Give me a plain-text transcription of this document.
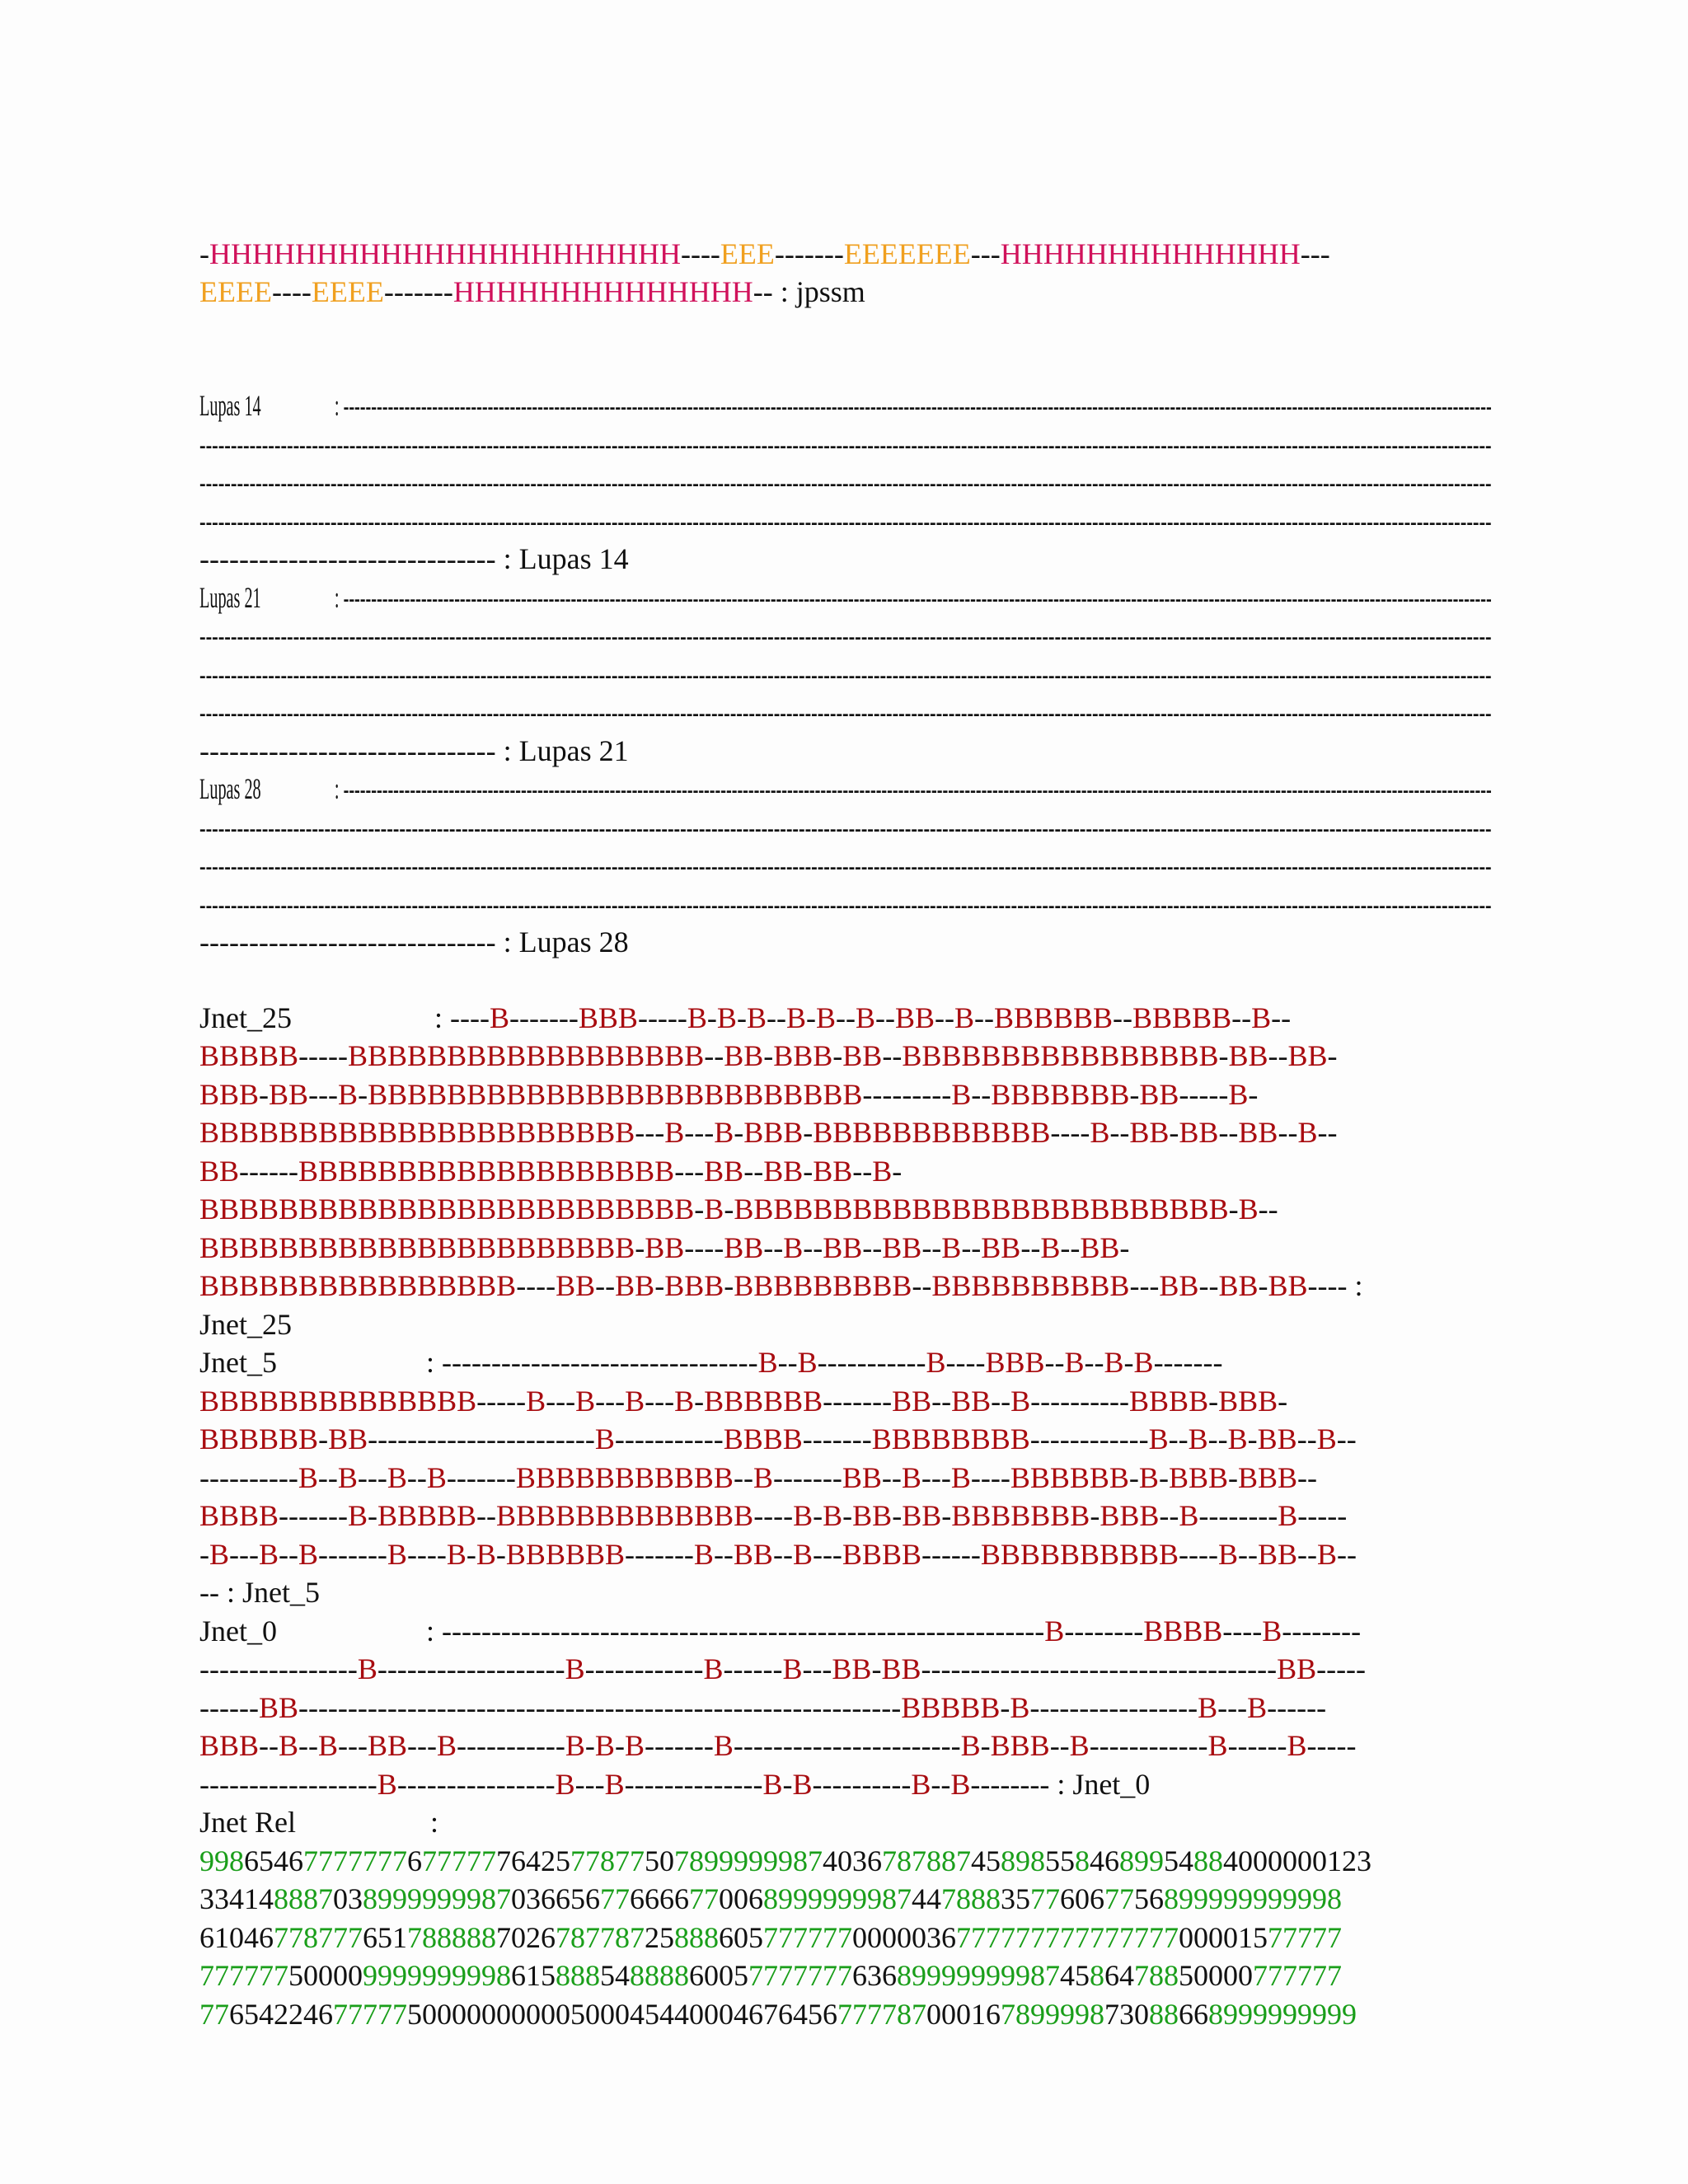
-HHHHHHHHHHHHHHHHHHHHHH----EEE-------EEEEEEE---HHHHHHHHHHHHHH---
EEEE----EEEE-------HHHHHHHHHHHHHH-- : jpssm

Lupas 14 : ---------------------------------------------------------------------------------------------------------------------------------------------------------------------------------------------------------------
---------------------------------------------------------------------------------------------------------------------------------------------------------------------------------------------------------------
---------------------------------------------------------------------------------------------------------------------------------------------------------------------------------------------------------------
---------------------------------------------------------------------------------------------------------------------------------------------------------------------------------------------------------------
------------------------------ : Lupas 14
Lupas 21 : ---------------------------------------------------------------------------------------------------------------------------------------------------------------------------------------------------------------
---------------------------------------------------------------------------------------------------------------------------------------------------------------------------------------------------------------
---------------------------------------------------------------------------------------------------------------------------------------------------------------------------------------------------------------
---------------------------------------------------------------------------------------------------------------------------------------------------------------------------------------------------------------
------------------------------ : Lupas 21
Lupas 28 : ---------------------------------------------------------------------------------------------------------------------------------------------------------------------------------------------------------------
---------------------------------------------------------------------------------------------------------------------------------------------------------------------------------------------------------------
---------------------------------------------------------------------------------------------------------------------------------------------------------------------------------------------------------------
---------------------------------------------------------------------------------------------------------------------------------------------------------------------------------------------------------------
------------------------------ : Lupas 28
Jnet_25	: ----B-------BBB-----B-B-B--B-B--B--BB--B--BBBBBB--BBBBB--B--
BBBBB-----BBBBBBBBBBBBBBBBBB--BB-BBB-BB--BBBBBBBBBBBBBBBB-BB--BB-
BBB-BB---B-BBBBBBBBBBBBBBBBBBBBBBBBB---------B--BBBBBBB-BB-----B-
BBBBBBBBBBBBBBBBBBBBBB---B---B-BBB-BBBBBBBBBBBB----B--BB-BB--BB--B--
BB------BBBBBBBBBBBBBBBBBBB---BB--BB-BB--B-
BBBBBBBBBBBBBBBBBBBBBBBBB-B-BBBBBBBBBBBBBBBBBBBBBBBBB-B--
BBBBBBBBBBBBBBBBBBBBBB-BB----BB--B--BB--BB--B--BB--B--BB-
BBBBBBBBBBBBBBBB----BB--BB-BBB-BBBBBBBBB--BBBBBBBBBB---BB--BB-BB---- :
Jnet_25
Jnet_5	: --------------------------------B--B-----------B----BBB--B--B-B-------
BBBBBBBBBBBBBB-----B---B---B---B-BBBBBB-------BB--BB--B----------BBBB-BBB-
BBBBBB-BB-----------------------B-----------BBBB-------BBBBBBBB------------B--B--B-BB--B--
----------B--B---B--B-------BBBBBBBBBBB--B-------BB--B---B----BBBBBB-B-BBB-BBB--
BBBB-------B-BBBBB--BBBBBBBBBBBBB----B-B-BB-BB-BBBBBBB-BBB--B--------B-----
-B---B--B-------B----B-B-BBBBBB-------B--BB--B---BBBB------BBBBBBBBBB----B--BB--B--
-- : Jnet_5
Jnet_0	: -------------------------------------------------------------B--------BBBB----B--------
----------------B-------------------B------------B------B---BB-BB------------------------------------BB-----
------BB-------------------------------------------------------------BBBBB-B-----------------B---B------
BBB--B--B---BB---B-----------B-B-B-------B-----------------------B-BBB--B------------B------B-----
------------------B----------------B---B--------------B-B----------B--B-------- : Jnet_0
Jnet Rel	:
9986546777777767777776425778775078999999874036787887458985584689954884000000123
33414888703899999998703665677666677006899999998744788835776067756899999999998
61046778777651788888702678778725888605777777000003677777777777777700001577777
77777750000999999999861588854888860057777777636899999999874586478850000777777
776542246777775000000000050004544000467645677778700016789999873088668999999999
